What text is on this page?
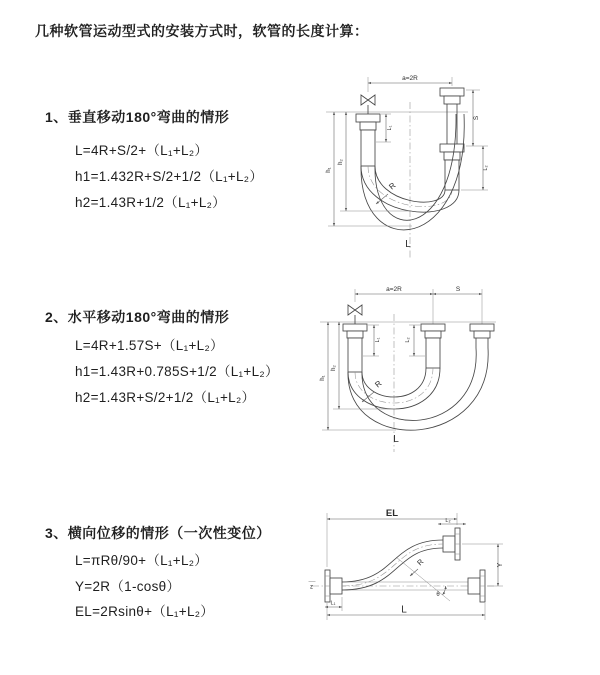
几种软管运动型式的安装方式时，软管的长度计算：
1、垂直移动180°弯曲的情形
L=4R+S/2+（L₁+L₂）
h1=1.432R+S/2+1/2（L₁+L₂）
h2=1.43R+1/2（L₁+L₂）
2、水平移动180°弯曲的情形
L=4R+1.57S+（L₁+L₂）
h1=1.43R+0.785S+1/2（L₁+L₂）
h2=1.43R+S/2+1/2（L₁+L₂）
3、横向位移的情形（一次性变位）
L=πRθ/90+（L₁+L₂）
Y=2R（1-cosθ）
EL=2Rsinθ+（L₁+L₂）
a=2R
L₁
S
L₂
h₁
h₂
R
L
a=2R	S
L₁	L₂
h₁
h₂
R
L
z
EL
L₂
Y
θ
R
L
L₁
